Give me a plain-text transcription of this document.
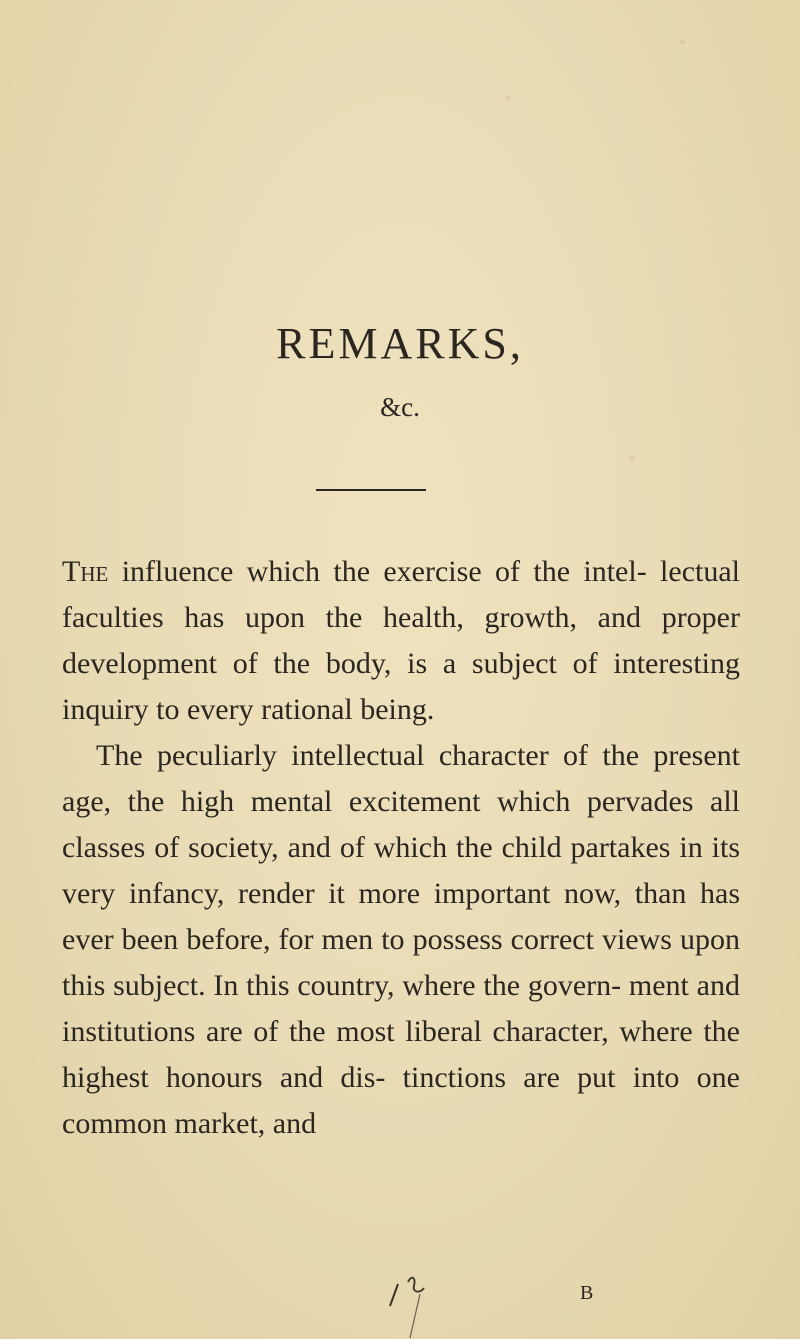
REMARKS,
&c.

The influence which the exercise of the intel- lectual faculties has upon the health, growth, and proper development of the body, is a subject of interesting inquiry to every rational being.

The peculiarly intellectual character of the present age, the high mental excitement which pervades all classes of society, and of which the child partakes in its very infancy, render it more important now, than has ever been before, for men to possess correct views upon this subject. In this country, where the govern- ment and institutions are of the most liberal character, where the highest honours and dis- tinctions are put into one common market, and

B
